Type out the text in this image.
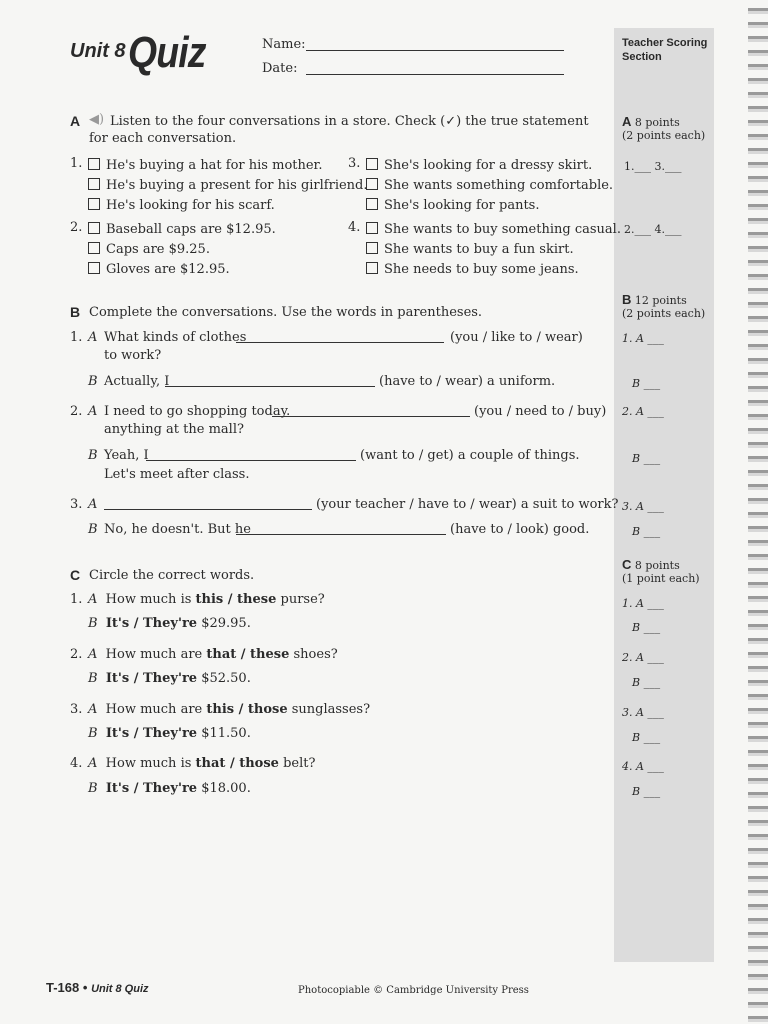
Unit 8 Quiz	Name:
Date:
Teacher Scoring
Section
A 8 points
(2 points each)
1.___ 3.___
2.___ 4.___
B 12 points
(2 points each)
1. A ___
B ___
2. A ___
B ___
3. A ___
B ___
C 8 points
(1 point each)
1. A ___
B ___
2. A ___
B ___
3. A ___
B ___
4. A ___
B ___
A ◀) Listen to the four conversations in a store. Check (✓) the true statement
for each conversation.
1.	He's buying a hat for his mother.
He's buying a present for his girlfriend.
He's looking for his scarf.
2.	Baseball caps are $12.95.
Caps are $9.25.
Gloves are $12.95.
3.	She's looking for a dressy skirt.
She wants something comfortable.
She's looking for pants.
4.	She wants to buy something casual.
She wants to buy a fun skirt.
She needs to buy some jeans.
B Complete the conversations. Use the words in parentheses.
1. A What kinds of clothes	(you / like to / wear)
to work?
B Actually, I	(have to / wear) a uniform.
2. A I need to go shopping today.	(you / need to / buy)
anything at the mall?
B Yeah, I	(want to / get) a couple of things.
Let's meet after class.
3. A	(your teacher / have to / wear) a suit to work?
B No, he doesn't. But he	(have to / look) good.
C Circle the correct words.
1. A How much is this / these purse?
B It's / They're $29.95.
2. A How much are that / these shoes?
B It's / They're $52.50.
3. A How much are this / those sunglasses?
B It's / They're $11.50.
4. A How much is that / those belt?
B It's / They're $18.00.
T-168 • Unit 8 Quiz	Photocopiable © Cambridge University Press
